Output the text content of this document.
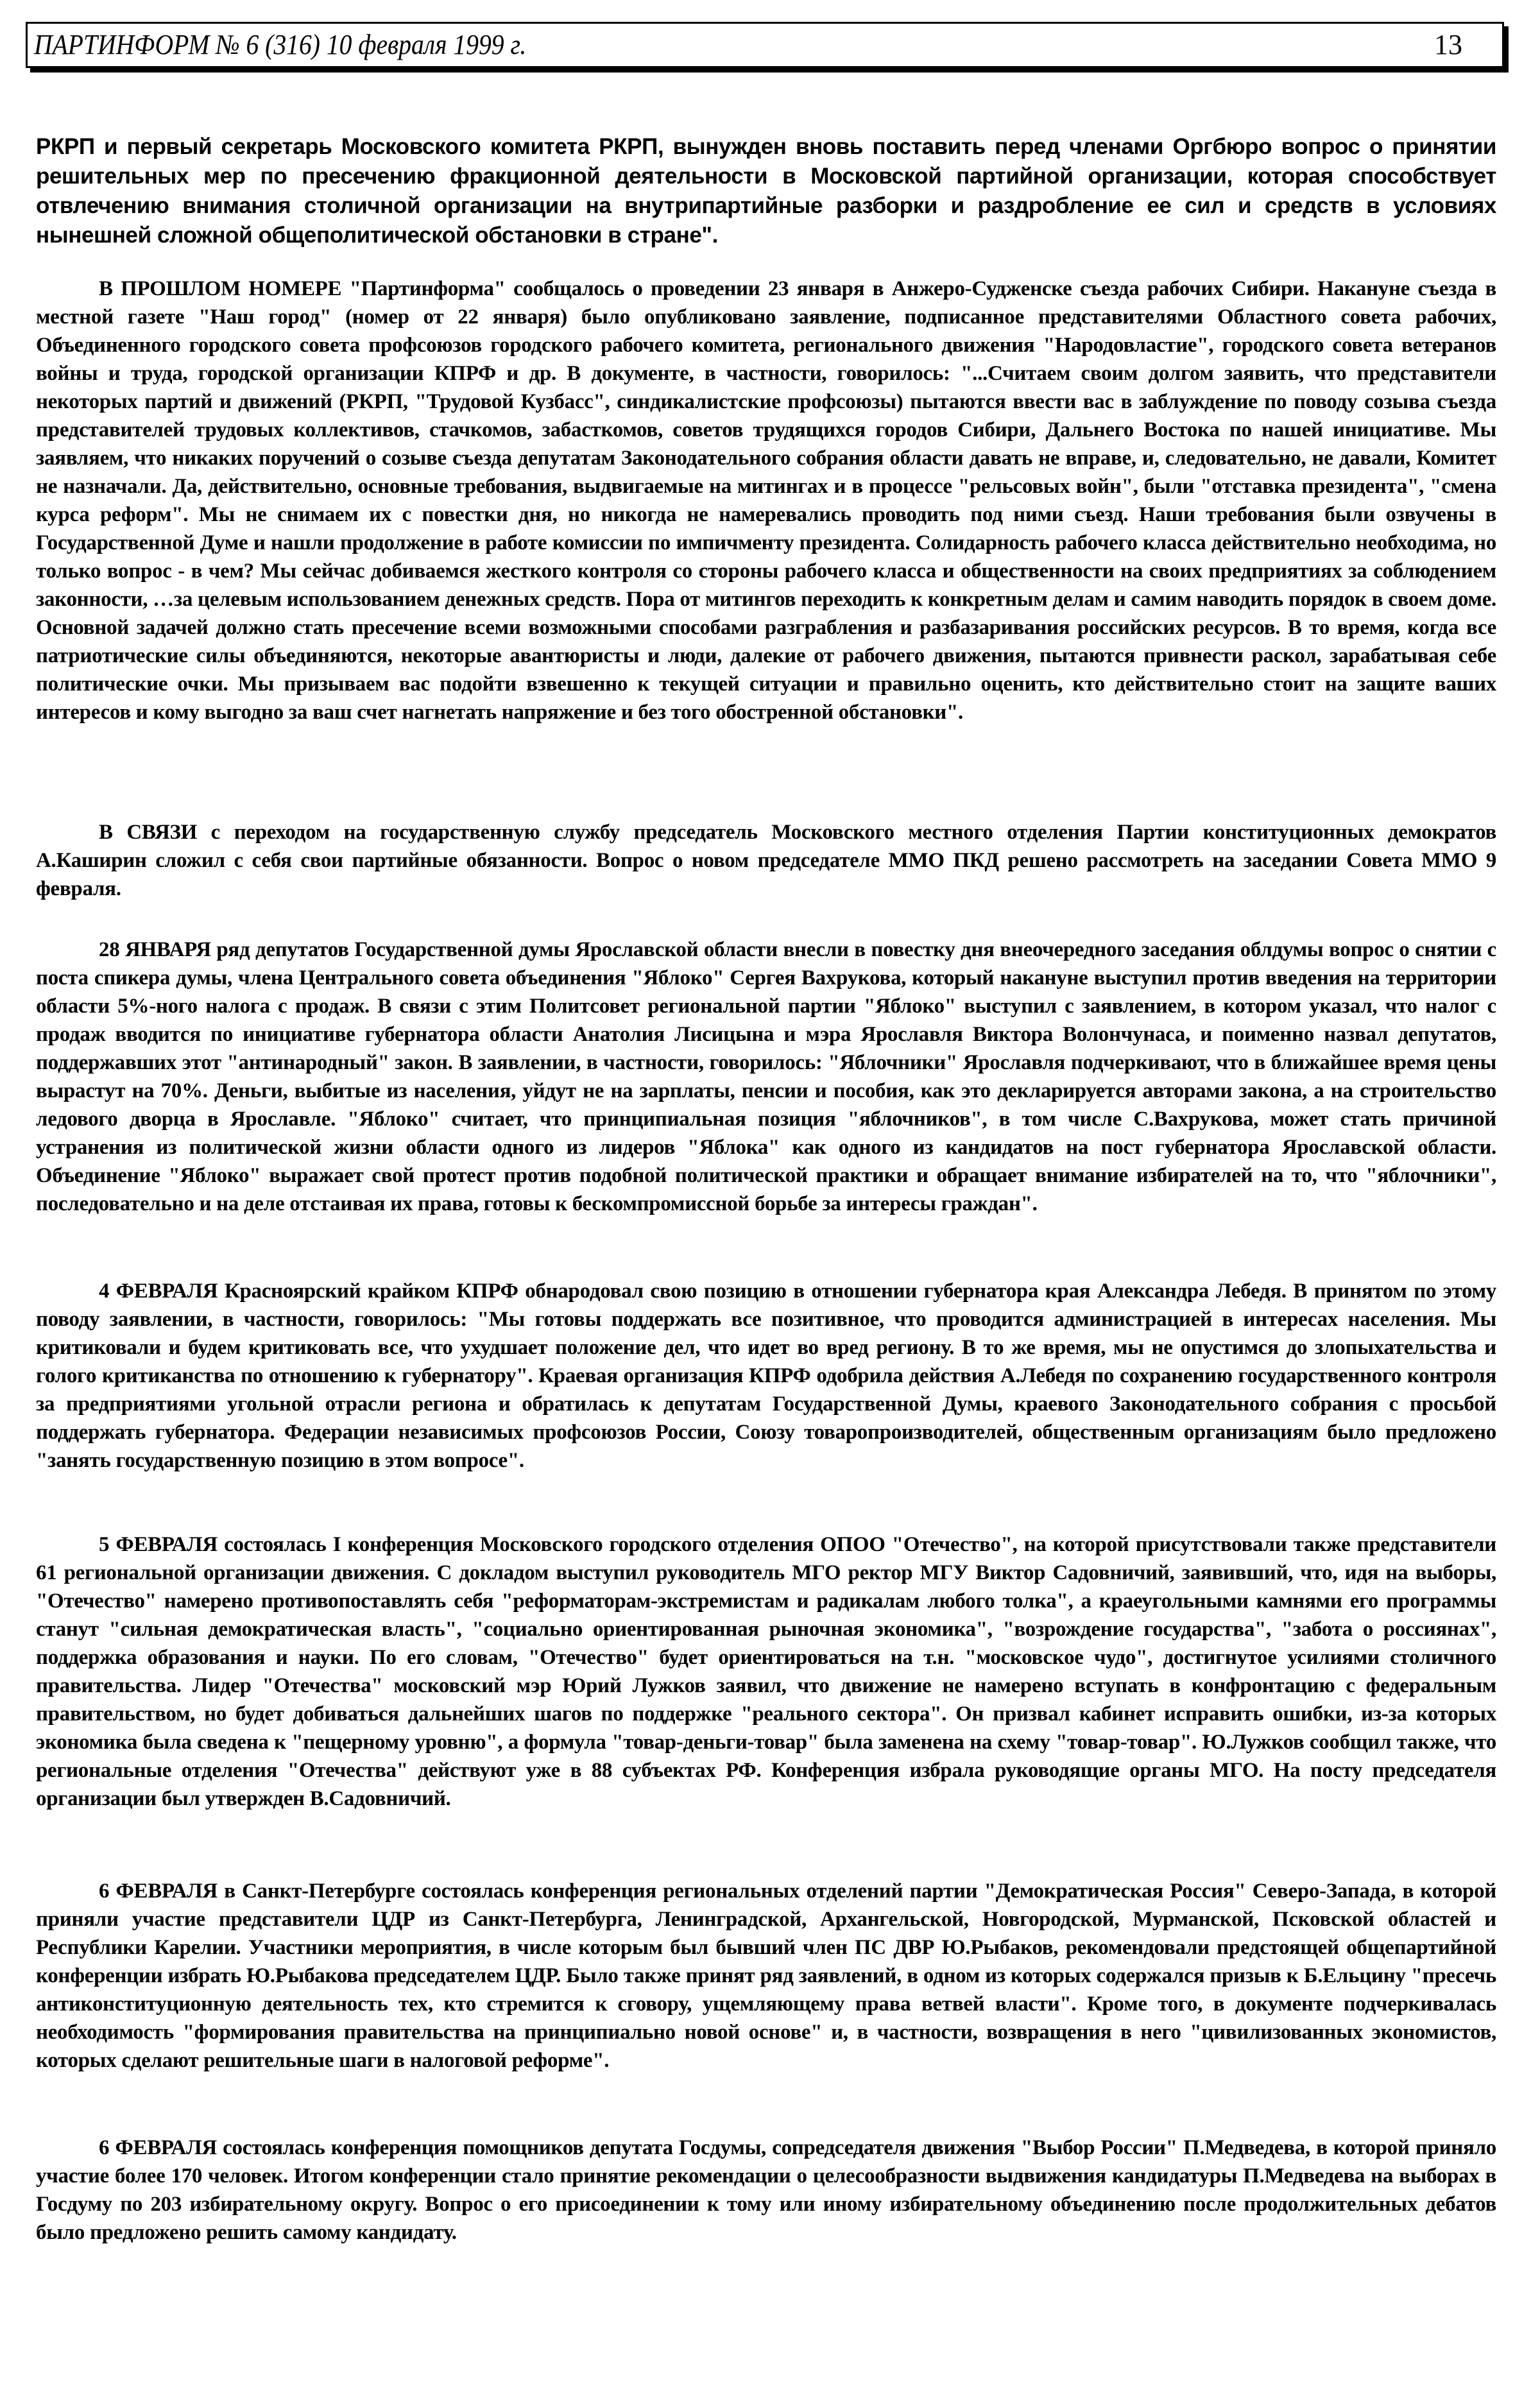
ПАРТИНФОРМ № 6 (316) 10 февраля 1999 г.	13

РКРП и первый секретарь Московского комитета РКРП, вынужден вновь поставить перед членами Оргбюро вопрос о принятии решительных мер по пресечению фракционной деятельности в Московской партийной организации, которая способствует отвлечению внимания столичной организации на внутрипартийные разборки и раздробление ее сил и средств в условиях нынешней сложной общеполитической обстановки в стране".

В ПРОШЛОМ НОМЕРЕ "Партинформа" сообщалось о проведении 23 января в Анжеро-Судженске съезда рабочих Сибири. Накануне съезда в местной газете "Наш город" (номер от 22 января) было опубликовано заявление, подписанное представителями Областного совета рабочих, Объединенного городского совета профсоюзов городского рабочего комитета, регионального движения "Народовластие", городского совета ветеранов войны и труда, городской организации КПРФ и др. В документе, в частности, говорилось: "...Считаем своим долгом заявить, что представители некоторых партий и движений (РКРП, "Трудовой Кузбасс", синдикалистские профсоюзы) пытаются ввести вас в заблуждение по поводу созыва съезда представителей трудовых коллективов, стачкомов, забасткомов, советов трудящихся городов Сибири, Дальнего Востока по нашей инициативе. Мы заявляем, что никаких поручений о созыве съезда депутатам Законодательного собрания области давать не вправе, и, следовательно, не давали, Комитет не назначали. Да, действительно, основные требования, выдвигаемые на митингах и в процессе "рельсовых войн", были "отставка президента", "смена курса реформ". Мы не снимаем их с повестки дня, но никогда не намеревались проводить под ними съезд. Наши требования были озвучены в Государственной Думе и нашли продолжение в работе комиссии по импичменту президента. Солидарность рабочего класса действительно необходима, но только вопрос - в чем? Мы сейчас добиваемся жесткого контроля со стороны рабочего класса и общественности на своих предприятиях за соблюдением законности, …за целевым использованием денежных средств. Пора от митингов переходить к конкретным делам и самим наводить порядок в своем доме. Основной задачей должно стать пресечение всеми возможными способами разграбления и разбазаривания российских ресурсов. В то время, когда все патриотические силы объединяются, некоторые авантюристы и люди, далекие от рабочего движения, пытаются привнести раскол, зарабатывая себе политические очки. Мы призываем вас подойти взвешенно к текущей ситуации и правильно оценить, кто действительно стоит на защите ваших интересов и кому выгодно за ваш счет нагнетать напряжение и без того обостренной обстановки".

В СВЯЗИ с переходом на государственную службу председатель Московского местного отделения Партии конституционных демократов А.Каширин сложил с себя свои партийные обязанности. Вопрос о новом председателе ММО ПКД решено рассмотреть на заседании Совета ММО 9 февраля.

28 ЯНВАРЯ ряд депутатов Государственной думы Ярославской области внесли в повестку дня внеочередного заседания облдумы вопрос о снятии с поста спикера думы, члена Центрального совета объединения "Яблоко" Сергея Вахрукова, который накануне выступил против введения на территории области 5%-ного налога с продаж. В связи с этим Политсовет региональной партии "Яблоко" выступил с заявлением, в котором указал, что налог с продаж вводится по инициативе губернатора области Анатолия Лисицына и мэра Ярославля Виктора Волончунаса, и поименно назвал депутатов, поддержавших этот "антинародный" закон. В заявлении, в частности, говорилось: "Яблочники" Ярославля подчеркивают, что в ближайшее время цены вырастут на 70%. Деньги, выбитые из населения, уйдут не на зарплаты, пенсии и пособия, как это декларируется авторами закона, а на строительство ледового дворца в Ярославле. "Яблоко" считает, что принципиальная позиция "яблочников", в том числе С.Вахрукова, может стать причиной устранения из политической жизни области одного из лидеров "Яблока" как одного из кандидатов на пост губернатора Ярославской области. Объединение "Яблоко" выражает свой протест против подобной политической практики и обращает внимание избирателей на то, что "яблочники", последовательно и на деле отстаивая их права, готовы к бескомпромиссной борьбе за интересы граждан".

4 ФЕВРАЛЯ Красноярский крайком КПРФ обнародовал свою позицию в отношении губернатора края Александра Лебедя. В принятом по этому поводу заявлении, в частности, говорилось: "Мы готовы поддержать все позитивное, что проводится администрацией в интересах населения. Мы критиковали и будем критиковать все, что ухудшает положение дел, что идет во вред региону. В то же время, мы не опустимся до злопыхательства и голого критиканства по отношению к губернатору". Краевая организация КПРФ одобрила действия А.Лебедя по сохранению государственного контроля за предприятиями угольной отрасли региона и обратилась к депутатам Государственной Думы, краевого Законодательного собрания с просьбой поддержать губернатора. Федерации независимых профсоюзов России, Союзу товаропроизводителей, общественным организациям было предложено "занять государственную позицию в этом вопросе".

5 ФЕВРАЛЯ состоялась I конференция Московского городского отделения ОПОО "Отечество", на которой присутствовали также представители 61 региональной организации движения. С докладом выступил руководитель МГО ректор МГУ Виктор Садовничий, заявивший, что, идя на выборы, "Отечество" намерено противопоставлять себя "реформаторам-экстремистам и радикалам любого толка", а краеугольными камнями его программы станут "сильная демократическая власть", "социально ориентированная рыночная экономика", "возрождение государства", "забота о россиянах", поддержка образования и науки. По его словам, "Отечество" будет ориентироваться на т.н. "московское чудо", достигнутое усилиями столичного правительства. Лидер "Отечества" московский мэр Юрий Лужков заявил, что движение не намерено вступать в конфронтацию с федеральным правительством, но будет добиваться дальнейших шагов по поддержке "реального сектора". Он призвал кабинет исправить ошибки, из-за которых экономика была сведена к "пещерному уровню", а формула "товар-деньги-товар" была заменена на схему "товар-товар". Ю.Лужков сообщил также, что региональные отделения "Отечества" действуют уже в 88 субъектах РФ. Конференция избрала руководящие органы МГО. На посту председателя организации был утвержден В.Садовничий.

6 ФЕВРАЛЯ в Санкт-Петербурге состоялась конференция региональных отделений партии "Демократическая Россия" Северо-Запада, в которой приняли участие представители ЦДР из Санкт-Петербурга, Ленинградской, Архангельской, Новгородской, Мурманской, Псковской областей и Республики Карелии. Участники мероприятия, в числе которым был бывший член ПС ДВР Ю.Рыбаков, рекомендовали предстоящей общепартийной конференции избрать Ю.Рыбакова председателем ЦДР. Было также принят ряд заявлений, в одном из которых содержался призыв к Б.Ельцину "пресечь антиконституционную деятельность тех, кто стремится к сговору, ущемляющему права ветвей власти". Кроме того, в документе подчеркивалась необходимость "формирования правительства на принципиально новой основе" и, в частности, возвращения в него "цивилизованных экономистов, которых сделают решительные шаги в налоговой реформе".

6 ФЕВРАЛЯ состоялась конференция помощников депутата Госдумы, сопредседателя движения "Выбор России" П.Медведева, в которой приняло участие более 170 человек. Итогом конференции стало принятие рекомендации о целесообразности выдвижения кандидатуры П.Медведева на выборах в Госдуму по 203 избирательному округу. Вопрос о его присоединении к тому или иному избирательному объединению после продолжительных дебатов было предложено решить самому кандидату.
